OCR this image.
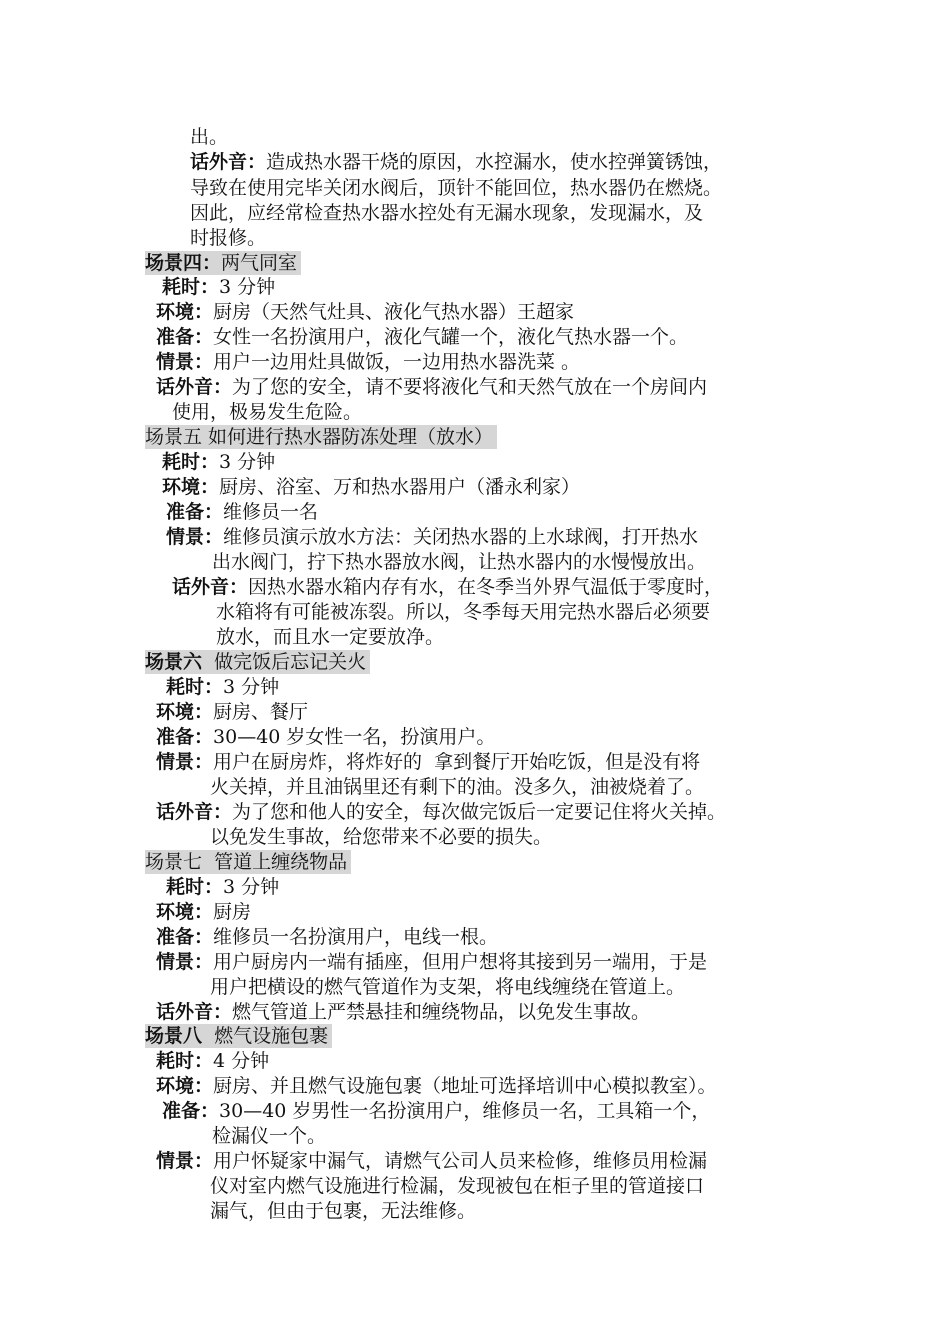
出。
话外音：造成热水器干烧的原因，水控漏水，使水控弹簧锈蚀，
导致在使用完毕关闭水阀后，顶针不能回位，热水器仍在燃烧。
因此，应经常检查热水器水控处有无漏水现象，发现漏水，及
时报修。
场景四：两气同室
耗时：3 分钟
环境：厨房（天然气灶具、液化气热水器）王超家
准备：女性一名扮演用户，液化气罐一个，液化气热水器一个。
情景：用户一边用灶具做饭，一边用热水器洗菜 。
话外音：为了您的安全，请不要将液化气和天然气放在一个房间内
使用，极易发生危险。
场景五 如何进行热水器防冻处理（放水）
耗时：3 分钟
环境：厨房、浴室、万和热水器用户（潘永利家）
准备：维修员一名
情景：维修员演示放水方法：关闭热水器的上水球阀，打开热水
出水阀门，拧下热水器放水阀，让热水器内的水慢慢放出。
话外音：因热水器水箱内存有水，在冬季当外界气温低于零度时，
水箱将有可能被冻裂。所以，冬季每天用完热水器后必须要
放水，而且水一定要放净。
场景六  做完饭后忘记关火
耗时：3 分钟
环境：厨房、餐厅
准备：30—40 岁女性一名，扮演用户。
情景：用户在厨房炸，将炸好的  拿到餐厅开始吃饭，但是没有将
火关掉，并且油锅里还有剩下的油。没多久，油被烧着了。
话外音：为了您和他人的安全，每次做完饭后一定要记住将火关掉。
以免发生事故，给您带来不必要的损失。
场景七  管道上缠绕物品
耗时：3 分钟
环境：厨房
准备：维修员一名扮演用户，电线一根。
情景：用户厨房内一端有插座，但用户想将其接到另一端用，于是
用户把横设的燃气管道作为支架，将电线缠绕在管道上。
话外音：燃气管道上严禁悬挂和缠绕物品，以免发生事故。
场景八  燃气设施包裹
耗时：4 分钟
环境：厨房、并且燃气设施包裹（地址可选择培训中心模拟教室）。
准备：30—40 岁男性一名扮演用户，维修员一名，工具箱一个，
检漏仪一个。
情景：用户怀疑家中漏气，请燃气公司人员来检修，维修员用检漏
仪对室内燃气设施进行检漏，发现被包在柜子里的管道接口
漏气，但由于包裹，无法维修。
